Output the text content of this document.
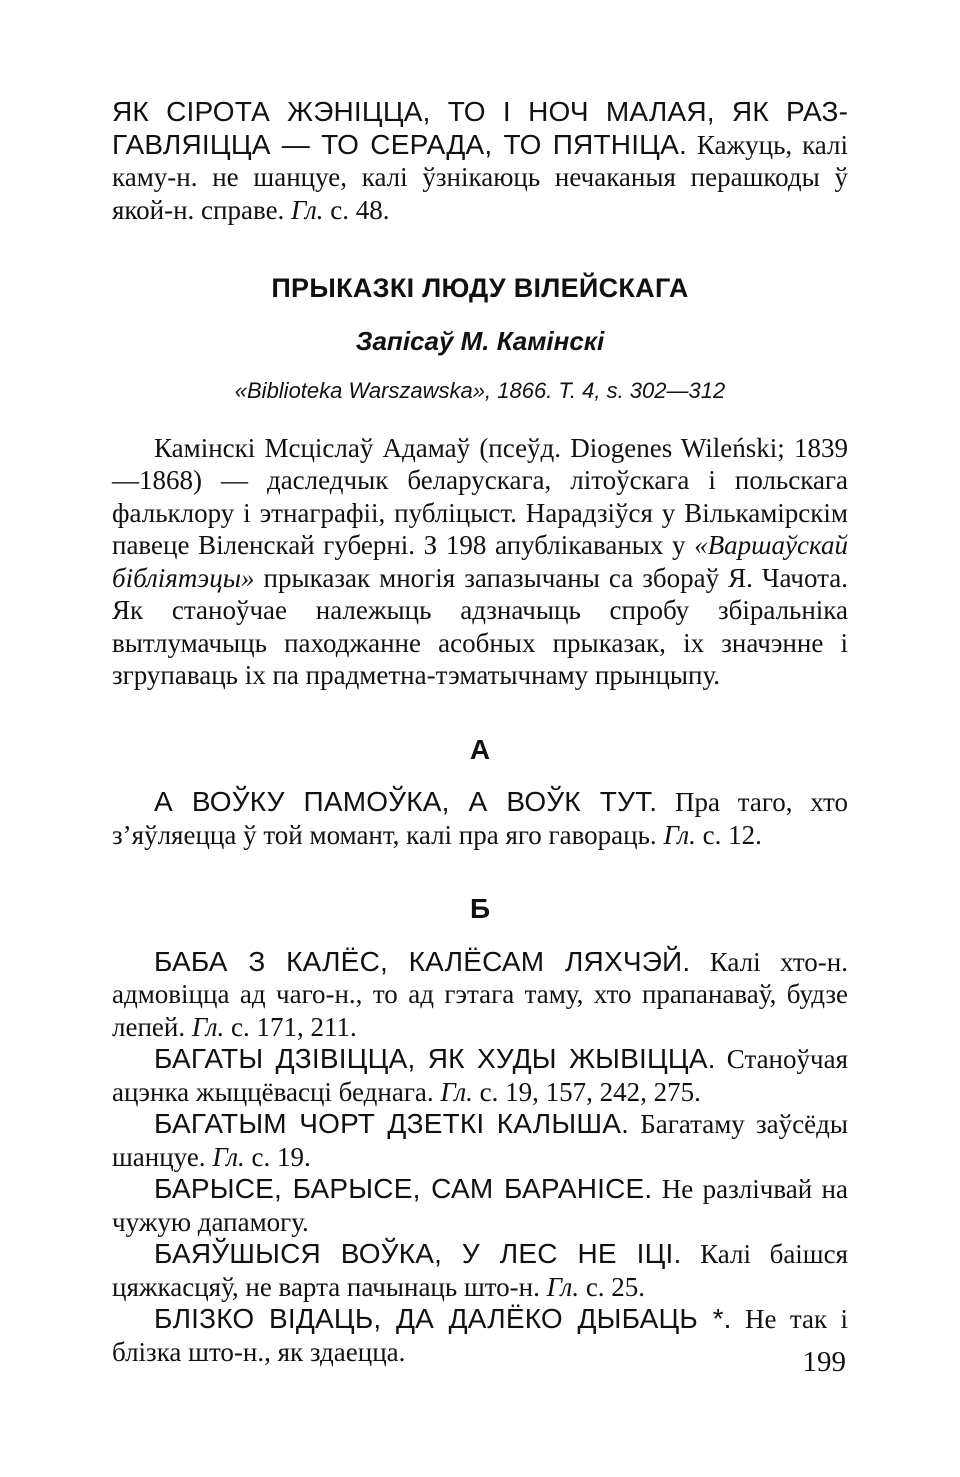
ЯК СІРОТА ЖЭНІЦЦА, ТО І НОЧ МАЛАЯ, ЯК РАЗГАВЛЯІЦЦА — ТО СЕРАДА, ТО ПЯТНІЦА. Кажуць, калі каму-н. не шанцуе, калі ўзнікаюць нечаканыя перашкоды ў якой-н. справе. Гл. с. 48.

ПРЫКАЗКІ ЛЮДУ ВІЛЕЙСКАГА
Запісаў М. Камінскі
«Biblioteka Warszawska», 1866. Т. 4, s. 302—312

Камінскі Мсціслаў Адамаў (псеўд. Diogenes Wileński; 1839—1868) — даследчык беларускага, літоўскага і польскага фальклору і этнаграфіі, публіцыст. Нарадзіўся у Вількамірскім павеце Віленскай губерні. З 198 апублікаваных у «Варшаўскай бібліятэцы» прыказак многія запазычаны са збораў Я. Чачота. Як станоўчае належыць адзначыць спробу збіральніка вытлумачыць паходжанне асобных прыказак, іх значэнне і згрупаваць іх па прадметна-тэматычнаму прынцыпу.

А

А ВОЎКУ ПАМОЎКА, А ВОЎК ТУТ. Пра таго, хто з’яўляецца ў той момант, калі пра яго гавораць. Гл. с. 12.

Б

БАБА З КАЛЁС, КАЛЁСАМ ЛЯХЧЭЙ. Калі хто-н. адмовіцца ад чаго-н., то ад гэтага таму, хто прапанаваў, будзе лепей. Гл. с. 171, 211.

БАГАТЫ ДЗІВІЦЦА, ЯК ХУДЫ ЖЫВІЦЦА. Станоўчая ацэнка жыццёвасці беднага. Гл. с. 19, 157, 242, 275.

БАГАТЫМ ЧОРТ ДЗЕТКІ КАЛЫША. Багатаму заўсёды шанцуе. Гл. с. 19.

БАРЫСЕ, БАРЫСЕ, САМ БАРАНІСЕ. Не разлічвай на чужую дапамогу.

БАЯЎШЫСЯ ВОЎКА, У ЛЕС НЕ ІЦІ. Калі баішся цяжкасцяў, не варта пачынаць што-н. Гл. с. 25.

БЛІЗКО ВІДАЦЬ, ДА ДАЛЁКО ДЫБАЦЬ *. Не так і блізка што-н., як здаецца.	199
